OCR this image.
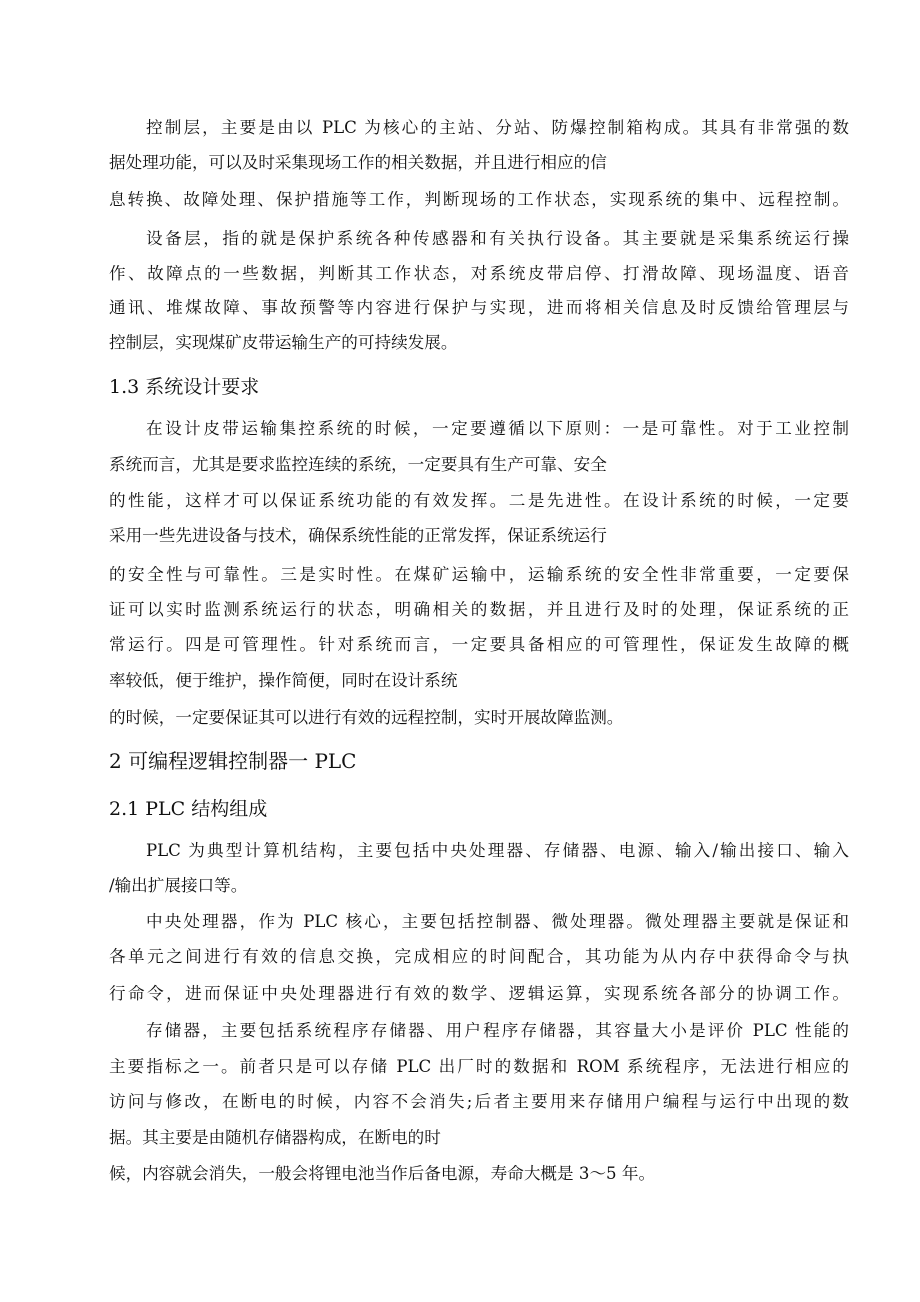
控制层，主要是由以 PLC 为核心的主站、分站、防爆控制箱构成。其具有非常强的数
据处理功能，可以及时采集现场工作的相关数据，并且进行相应的信
息转换、故障处理、保护措施等工作，判断现场的工作状态，实现系统的集中、远程控制。
设备层，指的就是保护系统各种传感器和有关执行设备。其主要就是采集系统运行操
作、故障点的一些数据，判断其工作状态，对系统皮带启停、打滑故障、现场温度、语音
通讯、堆煤故障、事故预警等内容进行保护与实现，进而将相关信息及时反馈给管理层与
控制层，实现煤矿皮带运输生产的可持续发展。
1.3 系统设计要求
在设计皮带运输集控系统的时候，一定要遵循以下原则：一是可靠性。对于工业控制
系统而言，尤其是要求监控连续的系统，一定要具有生产可靠、安全
的性能，这样才可以保证系统功能的有效发挥。二是先进性。在设计系统的时候，一定要
采用一些先进设备与技术，确保系统性能的正常发挥，保证系统运行
的安全性与可靠性。三是实时性。在煤矿运输中，运输系统的安全性非常重要，一定要保
证可以实时监测系统运行的状态，明确相关的数据，并且进行及时的处理，保证系统的正
常运行。四是可管理性。针对系统而言，一定要具备相应的可管理性，保证发生故障的概
率较低，便于维护，操作简便，同时在设计系统
的时候，一定要保证其可以进行有效的远程控制，实时开展故障监测。
2 可编程逻辑控制器一 PLC
2.1 PLC 结构组成
PLC 为典型计算机结构，主要包括中央处理器、存储器、电源、输入/输出接口、输入
/输出扩展接口等。
中央处理器，作为 PLC 核心，主要包括控制器、微处理器。微处理器主要就是保证和
各单元之间进行有效的信息交换，完成相应的时间配合，其功能为从内存中获得命令与执
行命令，进而保证中央处理器进行有效的数学、逻辑运算，实现系统各部分的协调工作。
存储器，主要包括系统程序存储器、用户程序存储器，其容量大小是评价 PLC 性能的
主要指标之一。前者只是可以存储 PLC 出厂时的数据和 ROM 系统程序，无法进行相应的
访问与修改，在断电的时候，内容不会消失;后者主要用来存储用户编程与运行中出现的数
据。其主要是由随机存储器构成，在断电的时
候，内容就会消失，一般会将锂电池当作后备电源，寿命大概是 3～5 年。
